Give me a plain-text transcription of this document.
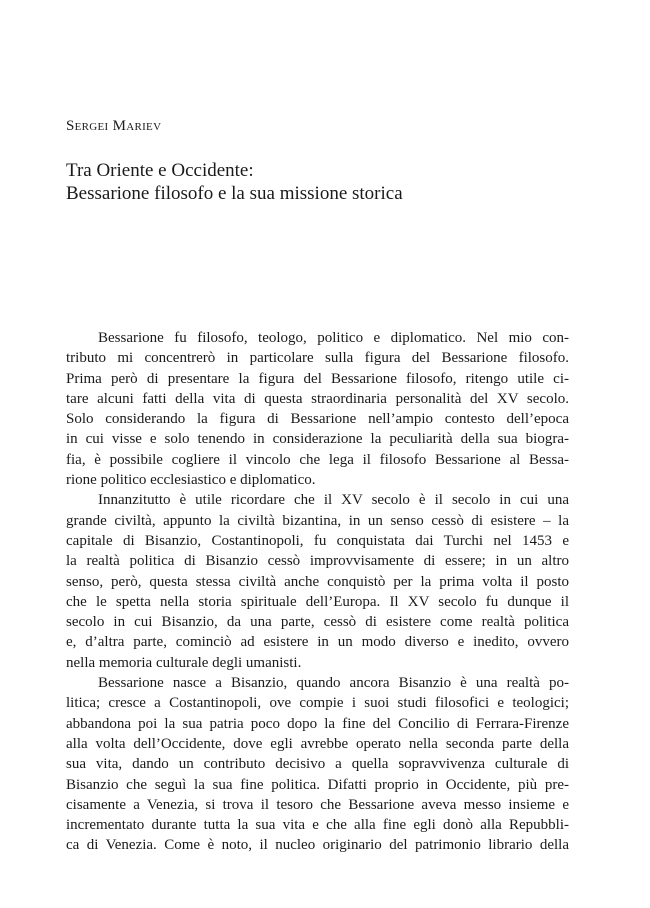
Sergei Mariev

Tra Oriente e Occidente:
Bessarione filosofo e la sua missione storica
Bessarione fu filosofo, teologo, politico e diplomatico. Nel mio con-
tributo mi concentrerò in particolare sulla figura del Bessarione filosofo.
Prima però di presentare la figura del Bessarione filosofo, ritengo utile ci-
tare alcuni fatti della vita di questa straordinaria personalità del XV secolo.
Solo considerando la figura di Bessarione nell’ampio contesto dell’epoca
in cui visse e solo tenendo in considerazione la peculiarità della sua biogra-
fia, è possibile cogliere il vincolo che lega il filosofo Bessarione al Bessa-
rione politico ecclesiastico e diplomatico.
Innanzitutto è utile ricordare che il XV secolo è il secolo in cui una
grande civiltà, appunto la civiltà bizantina, in un senso cessò di esistere – la
capitale di Bisanzio, Costantinopoli, fu conquistata dai Turchi nel 1453 e
la realtà politica di Bisanzio cessò improvvisamente di essere; in un altro
senso, però, questa stessa civiltà anche conquistò per la prima volta il posto
che le spetta nella storia spirituale dell’Europa. Il XV secolo fu dunque il
secolo in cui Bisanzio, da una parte, cessò di esistere come realtà politica
e, d’altra parte, cominciò ad esistere in un modo diverso e inedito, ovvero
nella memoria culturale degli umanisti.
Bessarione nasce a Bisanzio, quando ancora Bisanzio è una realtà po-
litica; cresce a Costantinopoli, ove compie i suoi studi filosofici e teologici;
abbandona poi la sua patria poco dopo la fine del Concilio di Ferrara-Firenze
alla volta dell’Occidente, dove egli avrebbe operato nella seconda parte della
sua vita, dando un contributo decisivo a quella sopravvivenza culturale di
Bisanzio che seguì la sua fine politica. Difatti proprio in Occidente, più pre-
cisamente a Venezia, si trova il tesoro che Bessarione aveva messo insieme e
incrementato durante tutta la sua vita e che alla fine egli donò alla Repubbli-
ca di Venezia. Come è noto, il nucleo originario del patrimonio librario della
